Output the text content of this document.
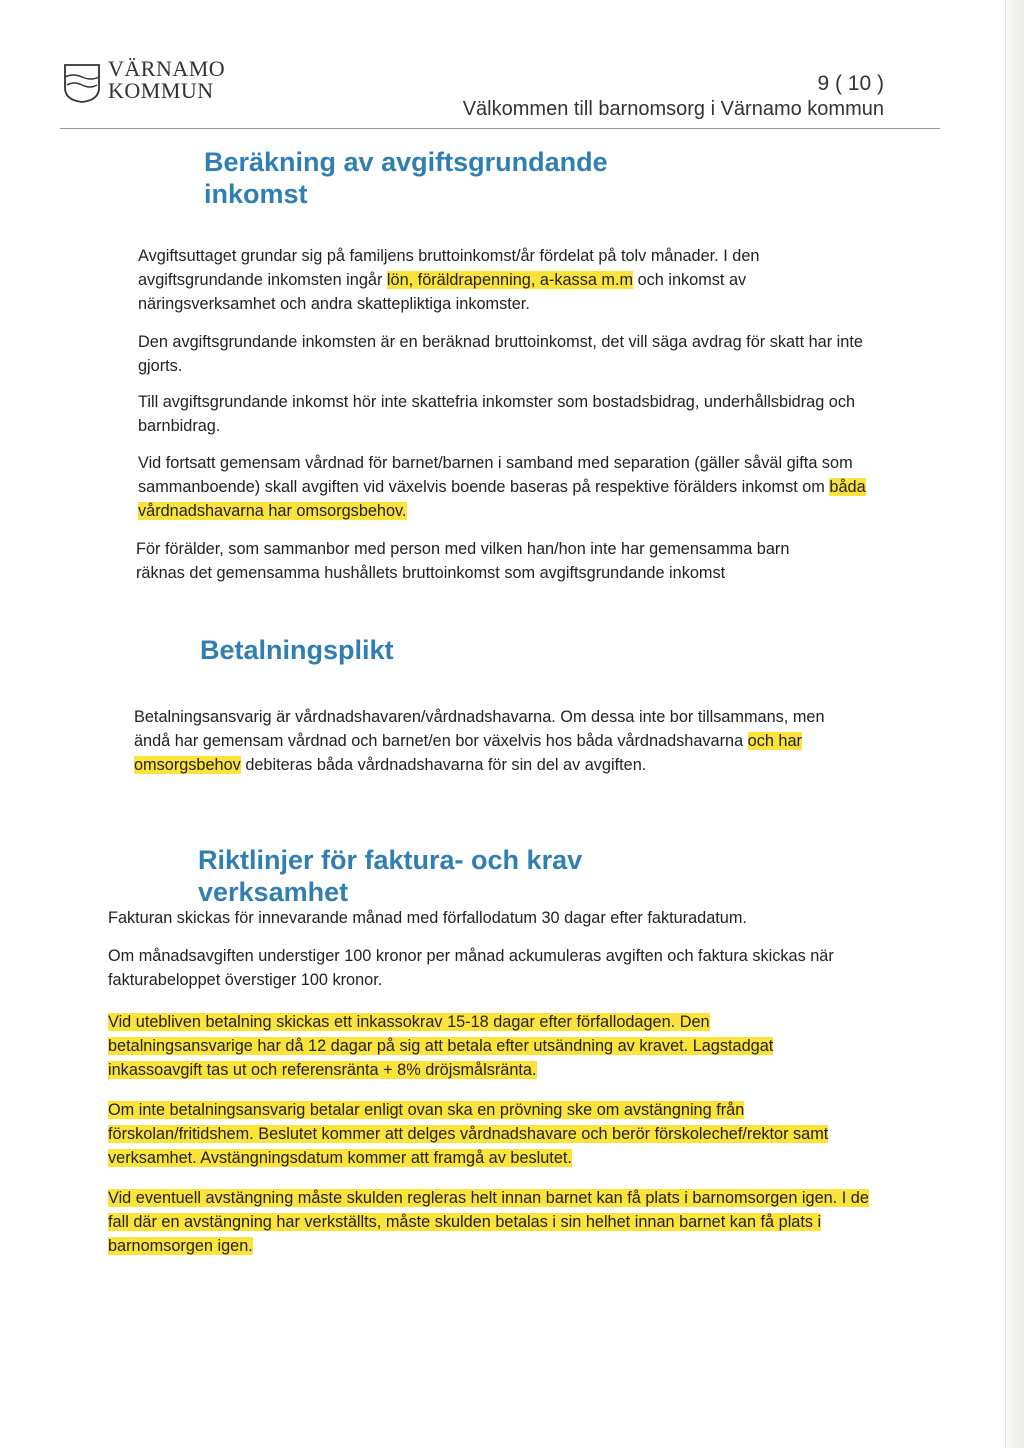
VÄRNAMO
KOMMUN	9 ( 10 )
Välkommen till barnomsorg i Värnamo kommun
Beräkning av avgiftsgrundande inkomst
Avgiftsuttaget grundar sig på familjens bruttoinkomst/år fördelat på tolv månader. I den avgiftsgrundande inkomsten ingår lön, föräldrapenning, a-kassa m.m och inkomst av näringsverksamhet och andra skattepliktiga inkomster.
Den avgiftsgrundande inkomsten är en beräknad bruttoinkomst, det vill säga avdrag för skatt har inte gjorts.
Till avgiftsgrundande inkomst hör inte skattefria inkomster som bostadsbidrag, underhållsbidrag och barnbidrag.
Vid fortsatt gemensam vårdnad för barnet/barnen i samband med separation (gäller såväl gifta som sammanboende) skall avgiften vid växelvis boende baseras på respektive förälders inkomst om båda vårdnadshavarna har omsorgsbehov.
För förälder, som sammanbor med person med vilken han/hon inte har gemensamma barn räknas det gemensamma hushållets bruttoinkomst som avgiftsgrundande inkomst
Betalningsplikt
Betalningsansvarig är vårdnadshavaren/vårdnadshavarna. Om dessa inte bor tillsammans, men ändå har gemensam vårdnad och barnet/en bor växelvis hos båda vårdnadshavarna och har omsorgsbehov debiteras båda vårdnadshavarna för sin del av avgiften.
Riktlinjer för faktura- och krav verksamhet
Fakturan skickas för innevarande månad med förfallodatum 30 dagar efter fakturadatum.
Om månadsavgiften understiger 100 kronor per månad ackumuleras avgiften och faktura skickas när fakturabeloppet överstiger 100 kronor.
Vid utebliven betalning skickas ett inkassokrav 15-18 dagar efter förfallodagen. Den betalningsansvarige har då 12 dagar på sig att betala efter utsändning av kravet. Lagstadgat inkassoavgift tas ut och referensränta + 8% dröjsmålsränta.
Om inte betalningsansvarig betalar enligt ovan ska en prövning ske om avstängning från förskolan/fritidshem. Beslutet kommer att delges vårdnadshavare och berör förskolechef/rektor samt verksamhet. Avstängningsdatum kommer att framgå av beslutet.
Vid eventuell avstängning måste skulden regleras helt innan barnet kan få plats i barnomsorgen igen. I de fall där en avstängning har verkställts, måste skulden betalas i sin helhet innan barnet kan få plats i barnomsorgen igen.
